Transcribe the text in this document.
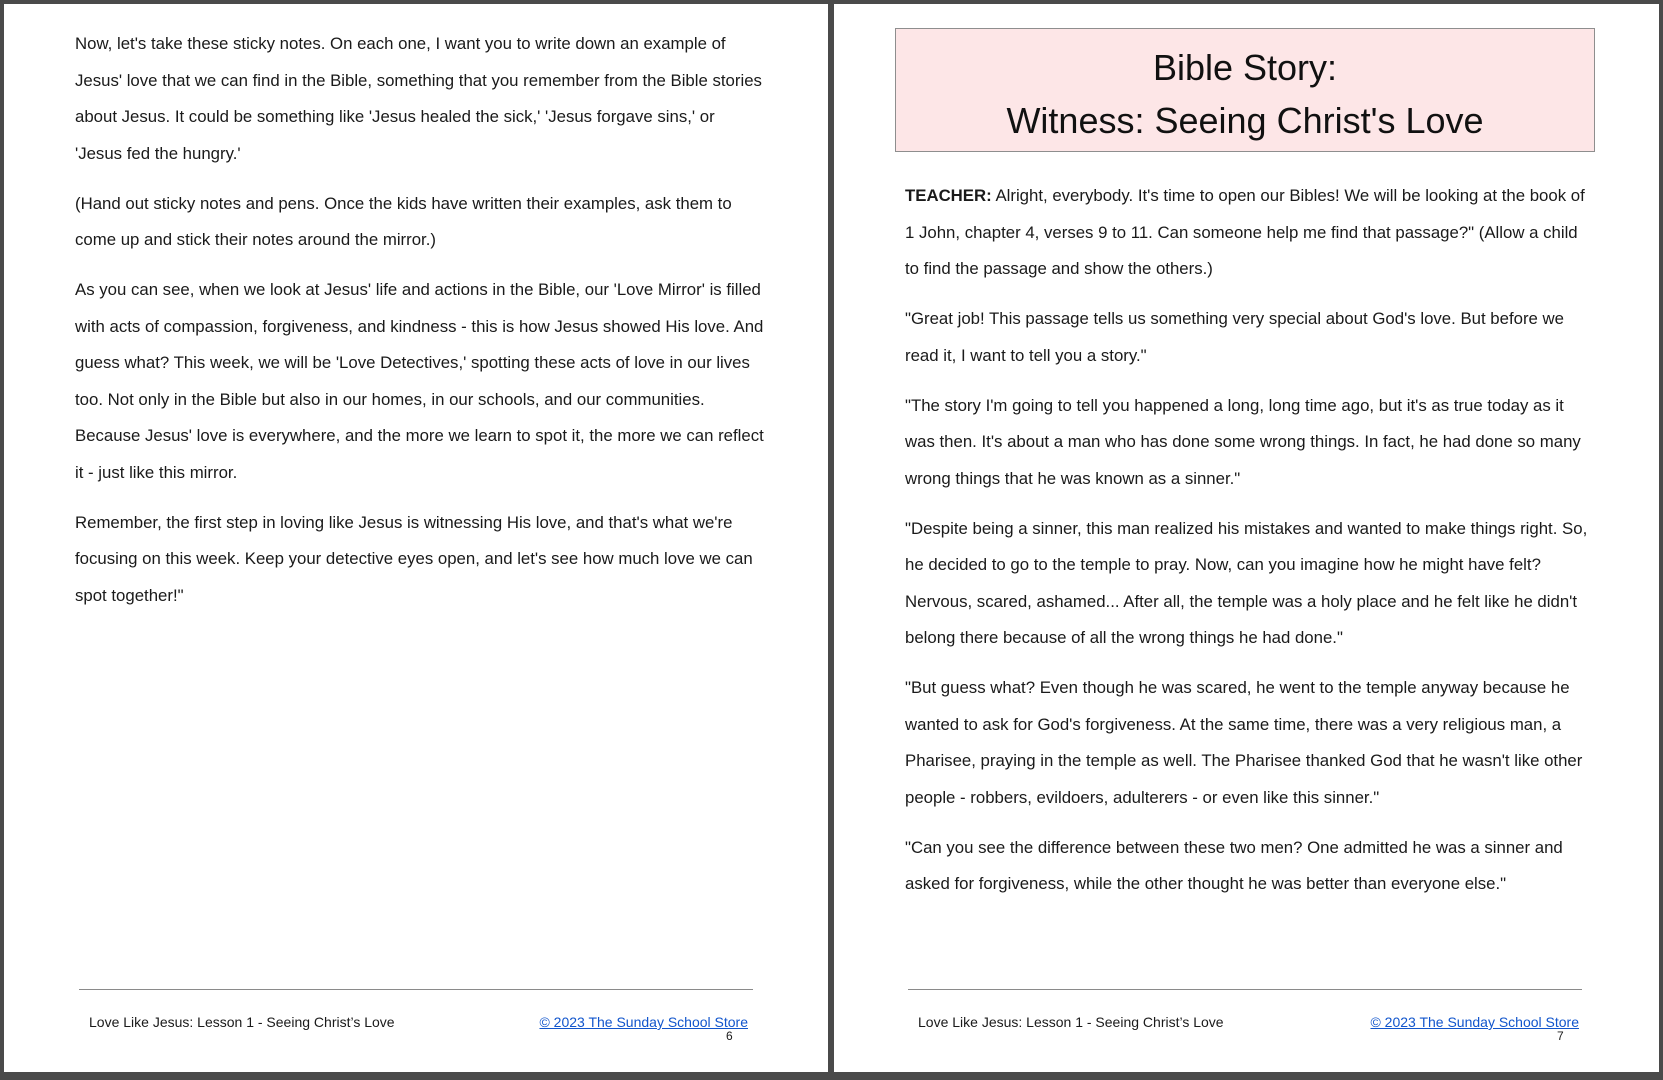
Now, let's take these sticky notes. On each one, I want you to write down an example of Jesus' love that we can find in the Bible, something that you remember from the Bible stories about Jesus. It could be something like 'Jesus healed the sick,' 'Jesus forgave sins,' or 'Jesus fed the hungry.'

(Hand out sticky notes and pens. Once the kids have written their examples, ask them to come up and stick their notes around the mirror.)

As you can see, when we look at Jesus' life and actions in the Bible, our 'Love Mirror' is filled with acts of compassion, forgiveness, and kindness - this is how Jesus showed His love. And guess what? This week, we will be 'Love Detectives,' spotting these acts of love in our lives too. Not only in the Bible but also in our homes, in our schools, and our communities. Because Jesus' love is everywhere, and the more we learn to spot it, the more we can reflect it - just like this mirror.

Remember, the first step in loving like Jesus is witnessing His love, and that's what we're focusing on this week. Keep your detective eyes open, and let's see how much love we can spot together!"

Love Like Jesus: Lesson 1 - Seeing Christ’s Love	© 2023 The Sunday School Store
6
Bible Story:
Witness: Seeing Christ's Love

TEACHER: Alright, everybody. It's time to open our Bibles! We will be looking at the book of 1 John, chapter 4, verses 9 to 11. Can someone help me find that passage?" (Allow a child to find the passage and show the others.)

"Great job! This passage tells us something very special about God's love. But before we read it, I want to tell you a story."

"The story I'm going to tell you happened a long, long time ago, but it's as true today as it was then. It's about a man who has done some wrong things. In fact, he had done so many wrong things that he was known as a sinner."

"Despite being a sinner, this man realized his mistakes and wanted to make things right. So, he decided to go to the temple to pray. Now, can you imagine how he might have felt? Nervous, scared, ashamed... After all, the temple was a holy place and he felt like he didn't belong there because of all the wrong things he had done."

"But guess what? Even though he was scared, he went to the temple anyway because he wanted to ask for God's forgiveness. At the same time, there was a very religious man, a Pharisee, praying in the temple as well. The Pharisee thanked God that he wasn't like other people - robbers, evildoers, adulterers - or even like this sinner."

"Can you see the difference between these two men? One admitted he was a sinner and asked for forgiveness, while the other thought he was better than everyone else."

Love Like Jesus: Lesson 1 - Seeing Christ’s Love	© 2023 The Sunday School Store
7
